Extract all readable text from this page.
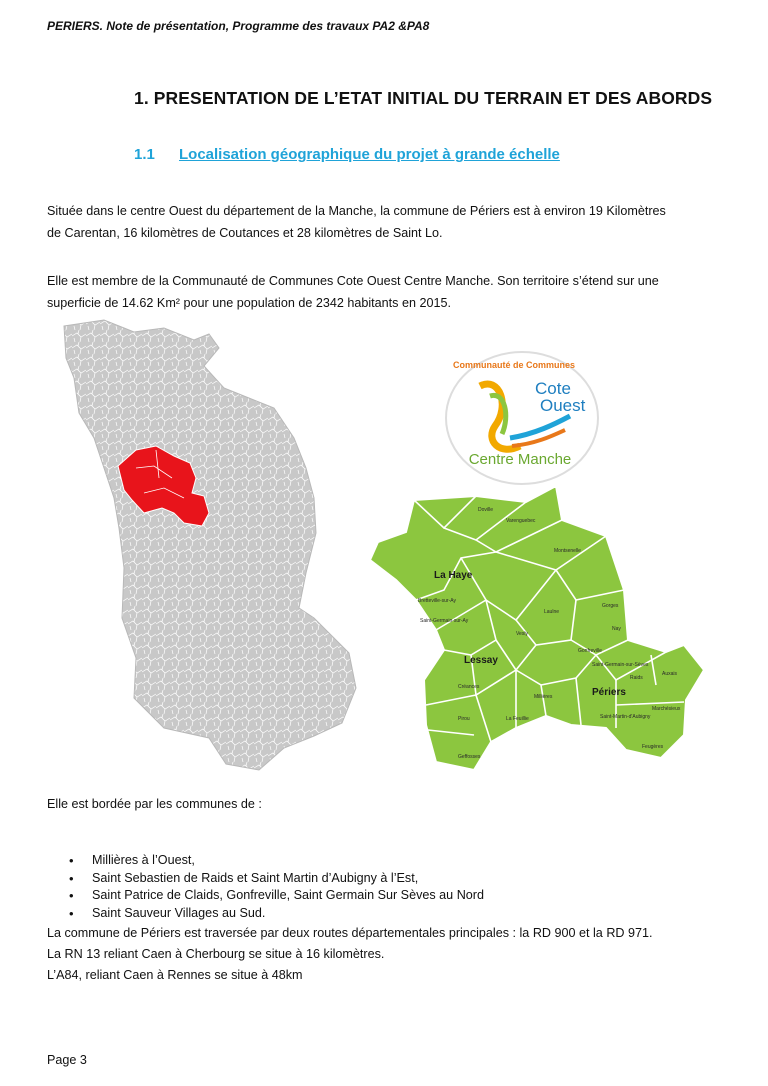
PERIERS. Note de présentation, Programme des travaux PA2 &PA8
1. PRESENTATION DE L’ETAT INITIAL DU TERRAIN ET DES ABORDS
1.1 Localisation géographique du projet à grande échelle
Située dans le centre Ouest du département de la Manche, la commune de Périers est à environ 19 Kilomètres
de Carentan, 16 kilomètres de Coutances et 28 kilomètres de Saint Lo.
Elle est membre de la Communauté de Communes Cote Ouest Centre Manche. Son territoire s’étend sur une
superficie de 14.62 Km² pour une population de 2342 habitants en 2015.
Communauté de Communes
Cote
Ouest
Centre Manche
La Haye
Lessay
Périers
Doville
Varenguebec
Montsenelle
Bretteville-sur-Ay
Saint-Germain-sur-Ay
Laulne
Vesly
Millières
Créances
Pirou	La Feuillie
Geffosses
Gorges
Raids
Marchésieux
Feugères
Gonfreville
Saint-Martin-d'Aubigny
Saint-Germain-sur-Sèves
Nay
Auxais
Elle est bordée par les communes de :
• Millières à l’Ouest,
• Saint Sebastien de Raids et Saint Martin d’Aubigny à l’Est,
• Saint Patrice de Claids, Gonfreville, Saint Germain Sur Sèves au Nord
• Saint Sauveur Villages au Sud.
La commune de Périers est traversée par deux routes départementales principales : la RD 900 et la RD 971.
La RN 13 reliant Caen à Cherbourg se situe à 16 kilomètres.
L’A84, reliant Caen à Rennes se situe à 48km
Page 3
